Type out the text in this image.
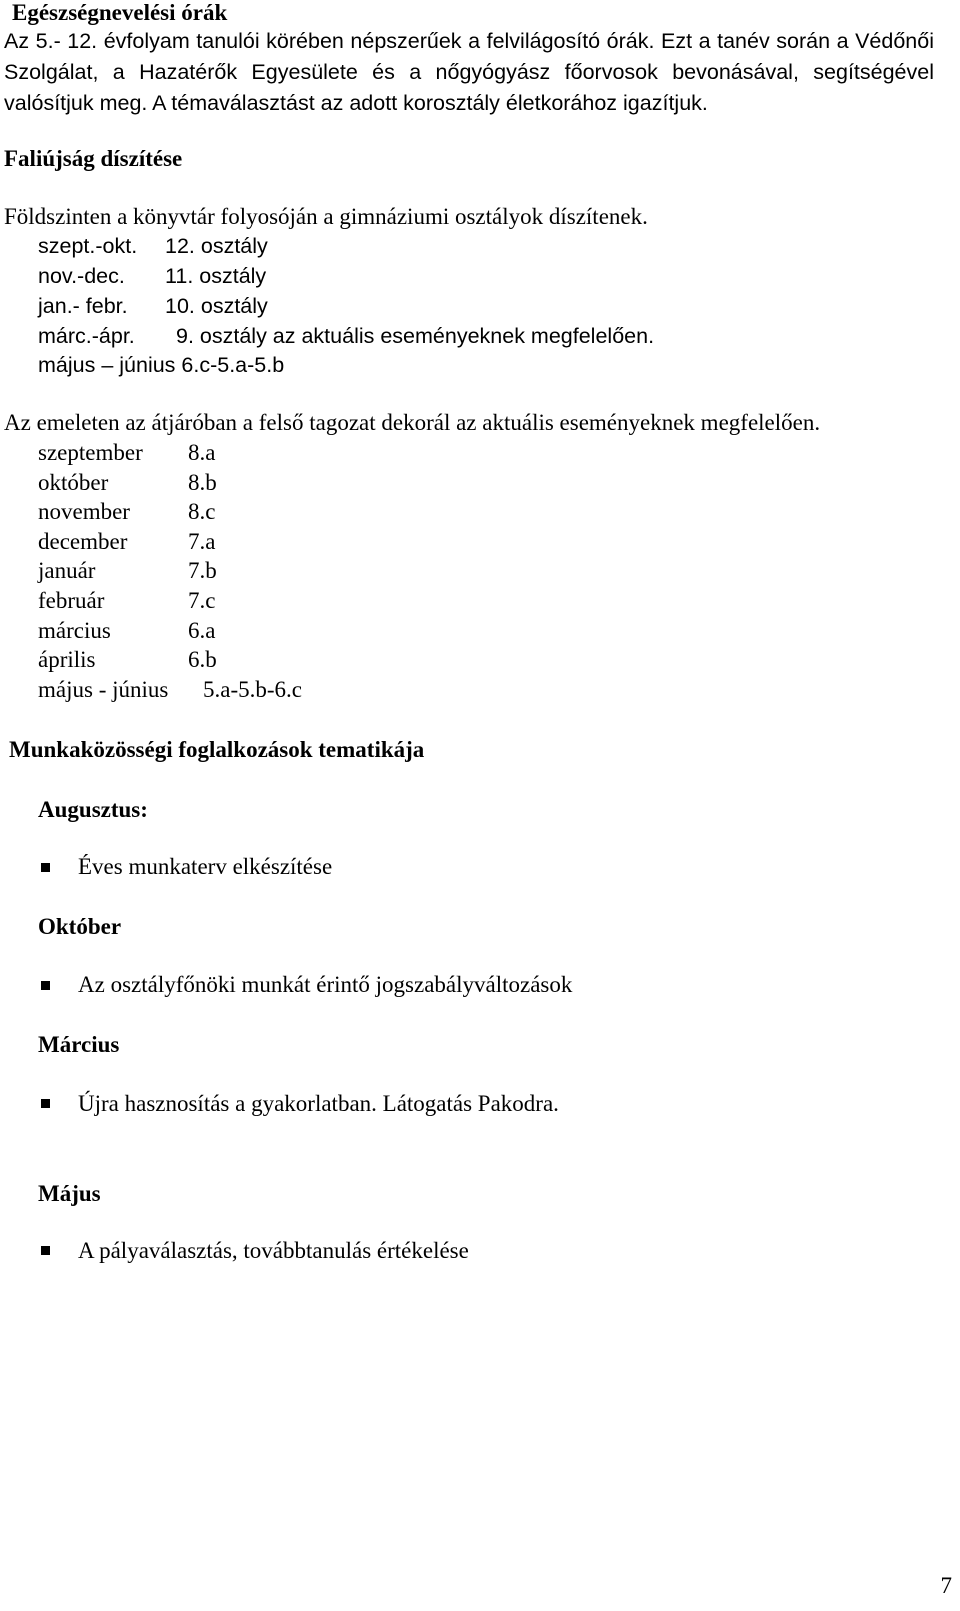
Egészségnevelési órák
Az 5.- 12. évfolyam tanulói körében népszerűek a felvilágosító órák. Ezt a tanév során a Védőnői Szolgálat, a Hazatérők Egyesülete és a nőgyógyász főorvosok bevonásával, segítségével valósítjuk meg. A témaválasztást az adott korosztály életkorához igazítjuk.
Faliújság díszítése
Földszinten a könyvtár folyosóján a gimnáziumi osztályok díszítenek.
szept.-okt. 12. osztály
nov.-dec. 11. osztály
jan.- febr. 10. osztály
márc.-ápr. 9. osztály az aktuális eseményeknek megfelelően.
május – június 6.c-5.a-5.b
Az emeleten az átjáróban a felső tagozat dekorál az aktuális eseményeknek megfelelően.
szeptember 8.a
október	8.b
november	8.c
december	7.a
január	7.b
február	7.c
március	6.a
április	6.b
május - június 5.a-5.b-6.c
Munkaközösségi foglalkozások tematikája
Augusztus:
Éves munkaterv elkészítése
Október
Az osztályfőnöki munkát érintő jogszabályváltozások
Március
Újra hasznosítás a gyakorlatban. Látogatás Pakodra.
Május
A pályaválasztás, továbbtanulás értékelése
7
